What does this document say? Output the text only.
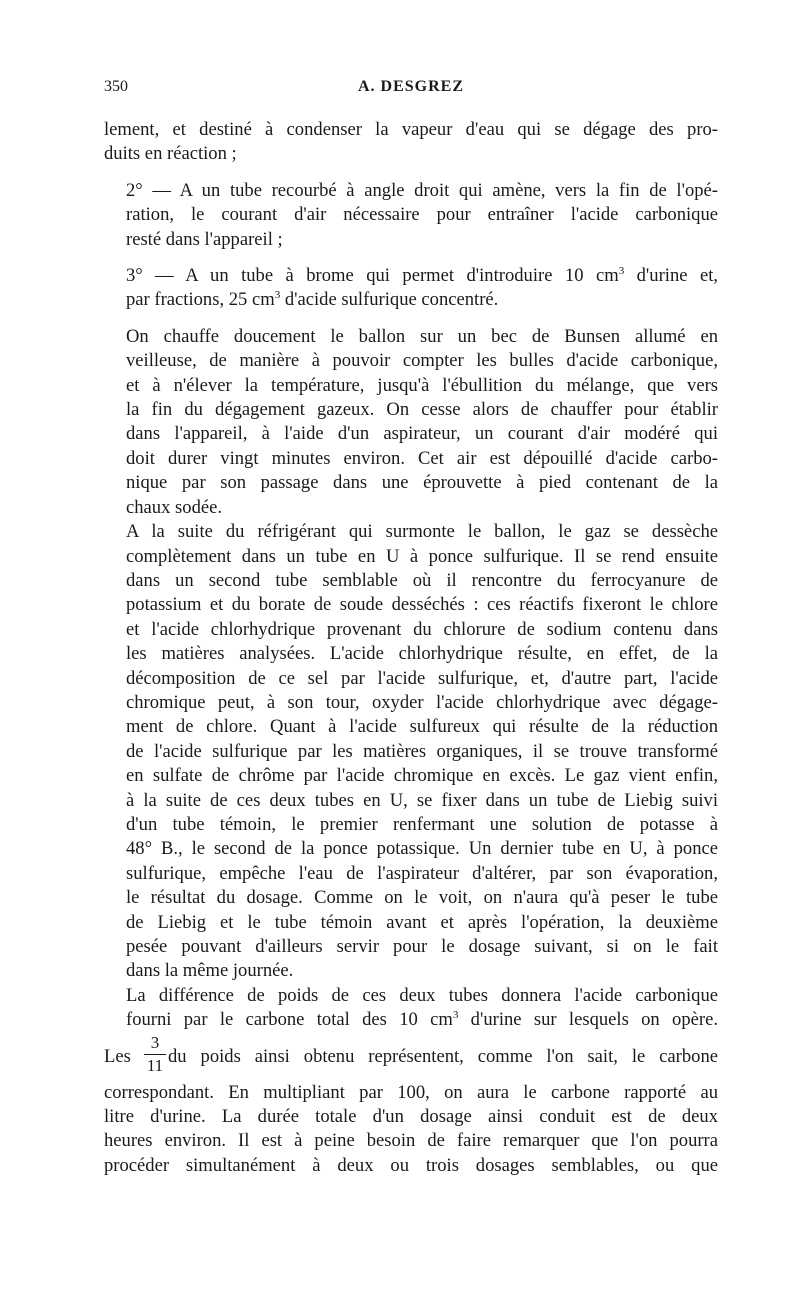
350	A. DESGREZ

lement, et destiné à condenser la vapeur d'eau qui se dégage des pro-
duits en réaction ;

2° — A un tube recourbé à angle droit qui amène, vers la fin de l'opé-
ration, le courant d'air nécessaire pour entraîner l'acide carbonique
resté dans l'appareil ;

3° — A un tube à brome qui permet d'introduire 10 $cm^3$ d'urine et,
par fractions, 25 $cm^3$ d'acide sulfurique concentré.

On chauffe doucement le ballon sur un bec de Bunsen allumé en
veilleuse, de manière à pouvoir compter les bulles d'acide carbonique,
et à n'élever la température, jusqu'à l'ébullition du mélange, que vers
la fin du dégagement gazeux. On cesse alors de chauffer pour établir
dans l'appareil, à l'aide d'un aspirateur, un courant d'air modéré qui
doit durer vingt minutes environ. Cet air est dépouillé d'acide carbo-
nique par son passage dans une éprouvette à pied contenant de la
chaux sodée.

A la suite du réfrigérant qui surmonte le ballon, le gaz se dessèche
complètement dans un tube en U à ponce sulfurique. Il se rend ensuite
dans un second tube semblable où il rencontre du ferrocyanure de
potassium et du borate de soude desséchés : ces réactifs fixeront le chlore
et l'acide chlorhydrique provenant du chlorure de sodium contenu dans
les matières analysées. L'acide chlorhydrique résulte, en effet, de la
décomposition de ce sel par l'acide sulfurique, et, d'autre part, l'acide
chromique peut, à son tour, oxyder l'acide chlorhydrique avec dégage-
ment de chlore. Quant à l'acide sulfureux qui résulte de la réduction
de l'acide sulfurique par les matières organiques, il se trouve transformé
en sulfate de chrôme par l'acide chromique en excès. Le gaz vient enfin,
à la suite de ces deux tubes en U, se fixer dans un tube de Liebig suivi
d'un tube témoin, le premier renfermant une solution de potasse à
48° B., le second de la ponce potassique. Un dernier tube en U, à ponce
sulfurique, empêche l'eau de l'aspirateur d'altérer, par son évaporation,
le résultat du dosage. Comme on le voit, on n'aura qu'à peser le tube
de Liebig et le tube témoin avant et après l'opération, la deuxième
pesée pouvant d'ailleurs servir pour le dosage suivant, si on le fait
dans la même journée.

La différence de poids de ces deux tubes donnera l'acide carbonique
fourni par le carbone total des 10 $cm^3$ d'urine sur lesquels on opère.

Les
3
11 du poids ainsi obtenu représentent, comme l'on sait, le carbone

correspondant. En multipliant par 100, on aura le carbone rapporté au
litre d'urine. La durée totale d'un dosage ainsi conduit est de deux
heures environ. Il est à peine besoin de faire remarquer que l'on pourra
procéder simultanément à deux ou trois dosages semblables, ou que
